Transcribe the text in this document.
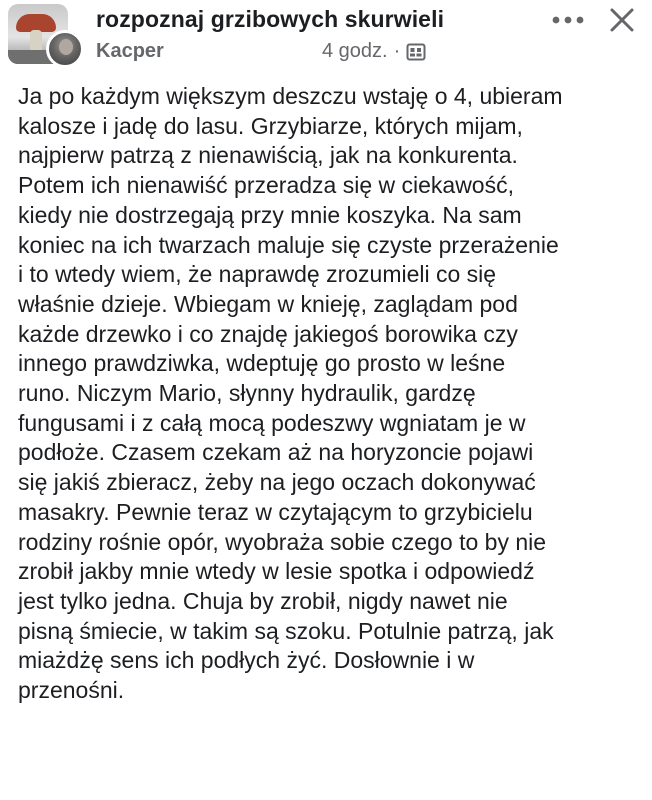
rozpoznaj grzibowych skurwieli
Kacper	4 godz. ·
Ja po każdym większym deszczu wstaję o 4, ubieram
kalosze i jadę do lasu. Grzybiarze, których mijam,
najpierw patrzą z nienawiścią, jak na konkurenta.
Potem ich nienawiść przeradza się w ciekawość,
kiedy nie dostrzegają przy mnie koszyka. Na sam
koniec na ich twarzach maluje się czyste przerażenie
i to wtedy wiem, że naprawdę zrozumieli co się
właśnie dzieje. Wbiegam w knieję, zaglądam pod
każde drzewko i co znajdę jakiegoś borowika czy
innego prawdziwka, wdeptuję go prosto w leśne
runo. Niczym Mario, słynny hydraulik, gardzę
fungusami i z całą mocą podeszwy wgniatam je w
podłoże. Czasem czekam aż na horyzoncie pojawi
się jakiś zbieracz, żeby na jego oczach dokonywać
masakry. Pewnie teraz w czytającym to grzybicielu
rodziny rośnie opór, wyobraża sobie czego to by nie
zrobił jakby mnie wtedy w lesie spotka i odpowiedź
jest tylko jedna. Chuja by zrobił, nigdy nawet nie
pisną śmiecie, w takim są szoku. Potulnie patrzą, jak
miażdżę sens ich podłych żyć. Dosłownie i w
przenośni.
